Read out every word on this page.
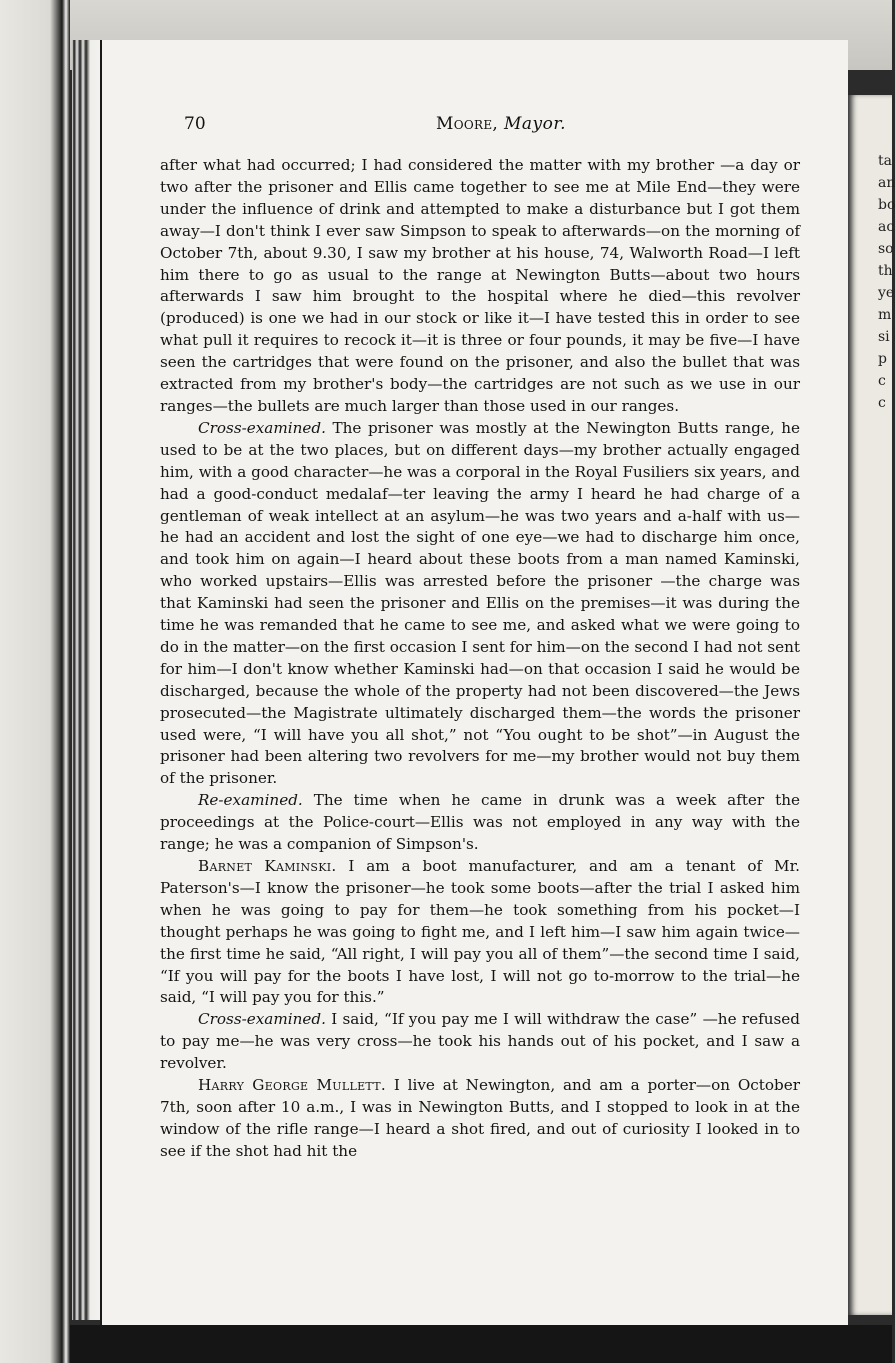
ta
an
bo
ac
so
th
ye
m
si
p
c
c
70	Moore, Mayor.

after what had occurred; I had considered the matter with my brother —a day or two after the prisoner and Ellis came together to see me at Mile End—they were under the influence of drink and attempted to make a disturbance but I got them away—I don't think I ever saw Simpson to speak to afterwards—on the morning of October 7th, about 9.30, I saw my brother at his house, 74, Walworth Road—I left him there to go as usual to the range at Newington Butts—about two hours afterwards I saw him brought to the hospital where he died—this revolver (produced) is one we had in our stock or like it—I have tested this in order to see what pull it requires to recock it—it is three or four pounds, it may be five—I have seen the cartridges that were found on the prisoner, and also the bullet that was extracted from my brother's body—the cartridges are not such as we use in our ranges—the bullets are much larger than those used in our ranges.

Cross-examined. The prisoner was mostly at the Newington Butts range, he used to be at the two places, but on different days—my brother actually engaged him, with a good character—he was a corporal in the Royal Fusiliers six years, and had a good-conduct medalaf—ter leaving the army I heard he had charge of a gentleman of weak intellect at an asylum—he was two years and a-half with us—he had an accident and lost the sight of one eye—we had to discharge him once, and took him on again—I heard about these boots from a man named Kaminski, who worked upstairs—Ellis was arrested before the prisoner —the charge was that Kaminski had seen the prisoner and Ellis on the premises—it was during the time he was remanded that he came to see me, and asked what we were going to do in the matter—on the first occasion I sent for him—on the second I had not sent for him—I don't know whether Kaminski had—on that occasion I said he would be discharged, because the whole of the property had not been discovered—the Jews prosecuted—the Magistrate ultimately discharged them—the words the prisoner used were, “I will have you all shot,” not “You ought to be shot”—in August the prisoner had been altering two revolvers for me—my brother would not buy them of the prisoner.

Re-examined. The time when he came in drunk was a week after the proceedings at the Police-court—Ellis was not employed in any way with the range; he was a companion of Simpson's.

Barnet Kaminski. I am a boot manufacturer, and am a tenant of Mr. Paterson's—I know the prisoner—he took some boots—after the trial I asked him when he was going to pay for them—he took something from his pocket—I thought perhaps he was going to fight me, and I left him—I saw him again twice—the first time he said, “All right, I will pay you all of them”—the second time I said, “If you will pay for the boots I have lost, I will not go to-morrow to the trial—he said, “I will pay you for this.”

Cross-examined. I said, “If you pay me I will withdraw the case” —he refused to pay me—he was very cross—he took his hands out of his pocket, and I saw a revolver.

Harry George Mullett. I live at Newington, and am a porter—on October 7th, soon after 10 a.m., I was in Newington Butts, and I stopped to look in at the window of the rifle range—I heard a shot fired, and out of curiosity I looked in to see if the shot had hit the
